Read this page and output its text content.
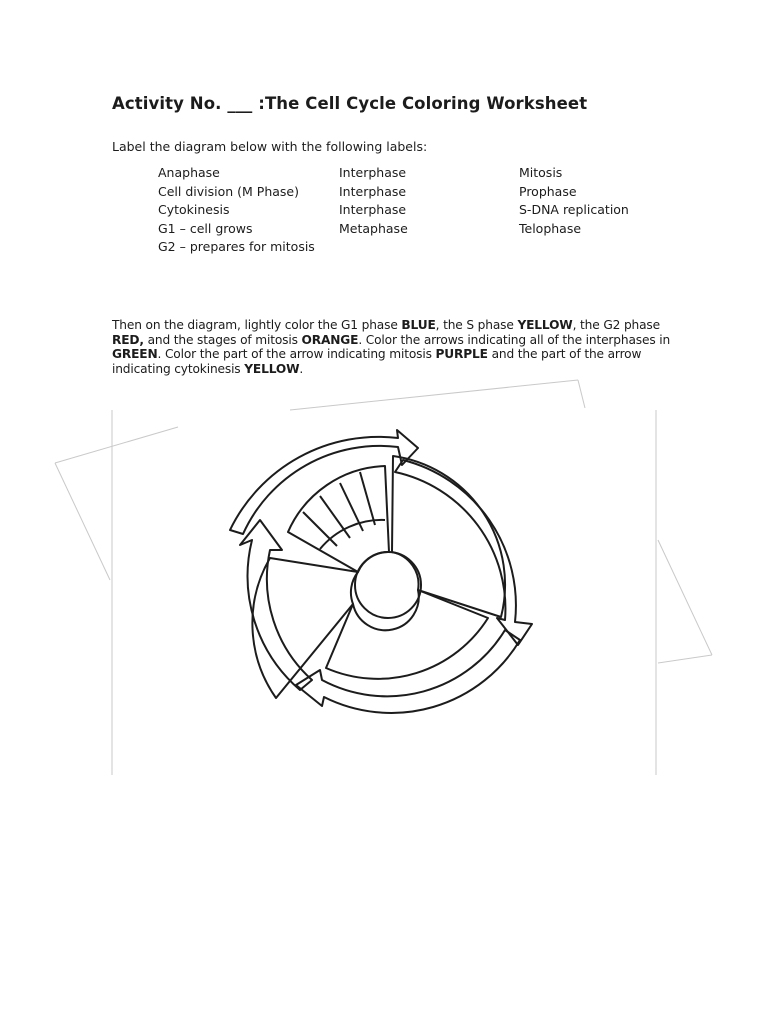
Activity No. ___ :The Cell Cycle Coloring Worksheet
Label the diagram below with the following labels:
Anaphase
Cell division (M Phase)
Cytokinesis
G1 – cell grows
G2 – prepares for mitosis
Interphase
Interphase
Interphase
Metaphase
Mitosis
Prophase
S-DNA replication
Telophase
Then on the diagram, lightly color the G1 phase BLUE, the S phase YELLOW, the G2 phase RED, and the stages of mitosis ORANGE. Color the arrows indicating all of the interphases in GREEN. Color the part of the arrow indicating mitosis PURPLE and the part of the arrow indicating cytokinesis YELLOW.
